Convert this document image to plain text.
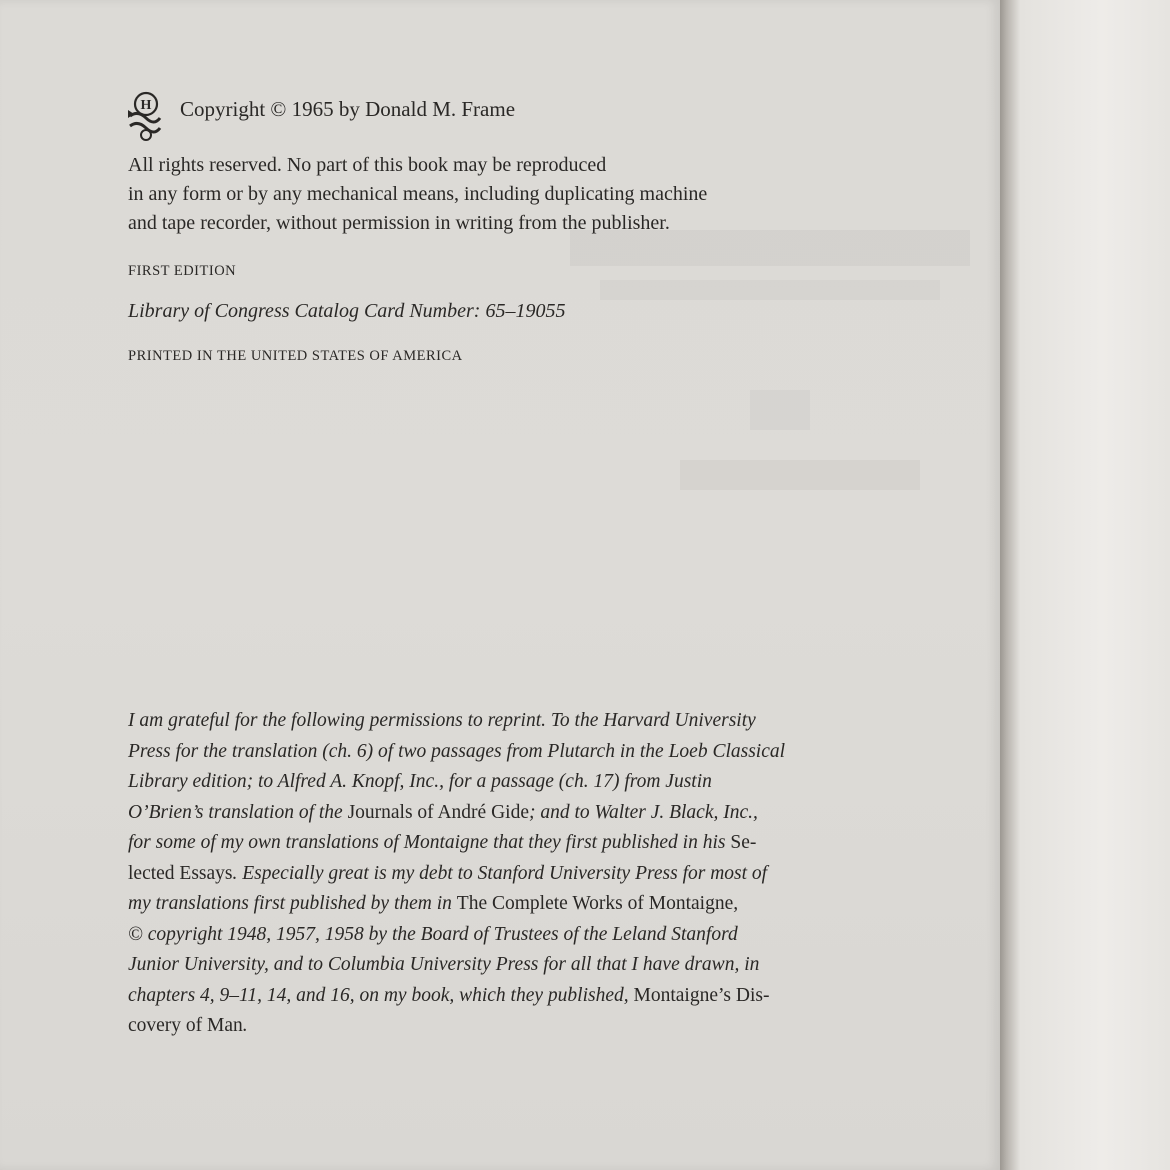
H Copyright © 1965 by Donald M. Frame

All rights reserved. No part of this book may be reproduced
in any form or by any mechanical means, including duplicating machine
and tape recorder, without permission in writing from the publisher.

FIRST EDITION

Library of Congress Catalog Card Number: 65–19055

PRINTED IN THE UNITED STATES OF AMERICA

I am grateful for the following permissions to reprint. To the Harvard University
Press for the translation (ch. 6) of two passages from Plutarch in the Loeb Classical
Library edition; to Alfred A. Knopf, Inc., for a passage (ch. 17) from Justin
O’Brien’s translation of the Journals of André Gide; and to Walter J. Black, Inc.,
for some of my own translations of Montaigne that they first published in his Se-
lected Essays. Especially great is my debt to Stanford University Press for most of
my translations first published by them in The Complete Works of Montaigne,
© copyright 1948, 1957, 1958 by the Board of Trustees of the Leland Stanford
Junior University, and to Columbia University Press for all that I have drawn, in
chapters 4, 9–11, 14, and 16, on my book, which they published, Montaigne’s Dis-
covery of Man.
